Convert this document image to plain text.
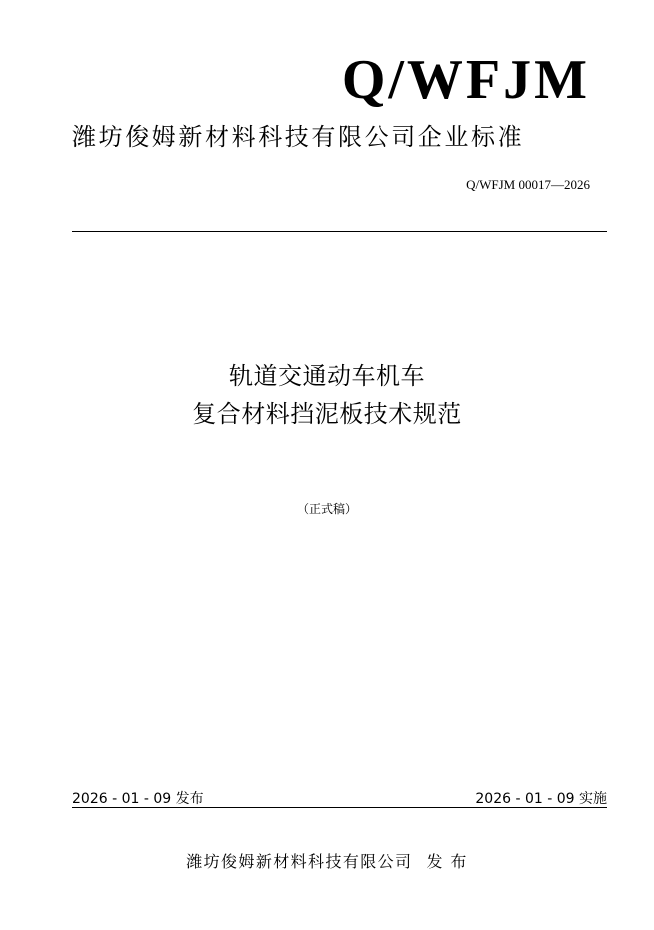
Q/WFJM
潍坊俊姆新材料科技有限公司企业标准
Q/WFJM 00017—2026
轨道交通动车机车
复合材料挡泥板技术规范
（正式稿）
2026 - 01 - 09 发布	2026 - 01 - 09 实施
潍坊俊姆新材料科技有限公司 发 布
